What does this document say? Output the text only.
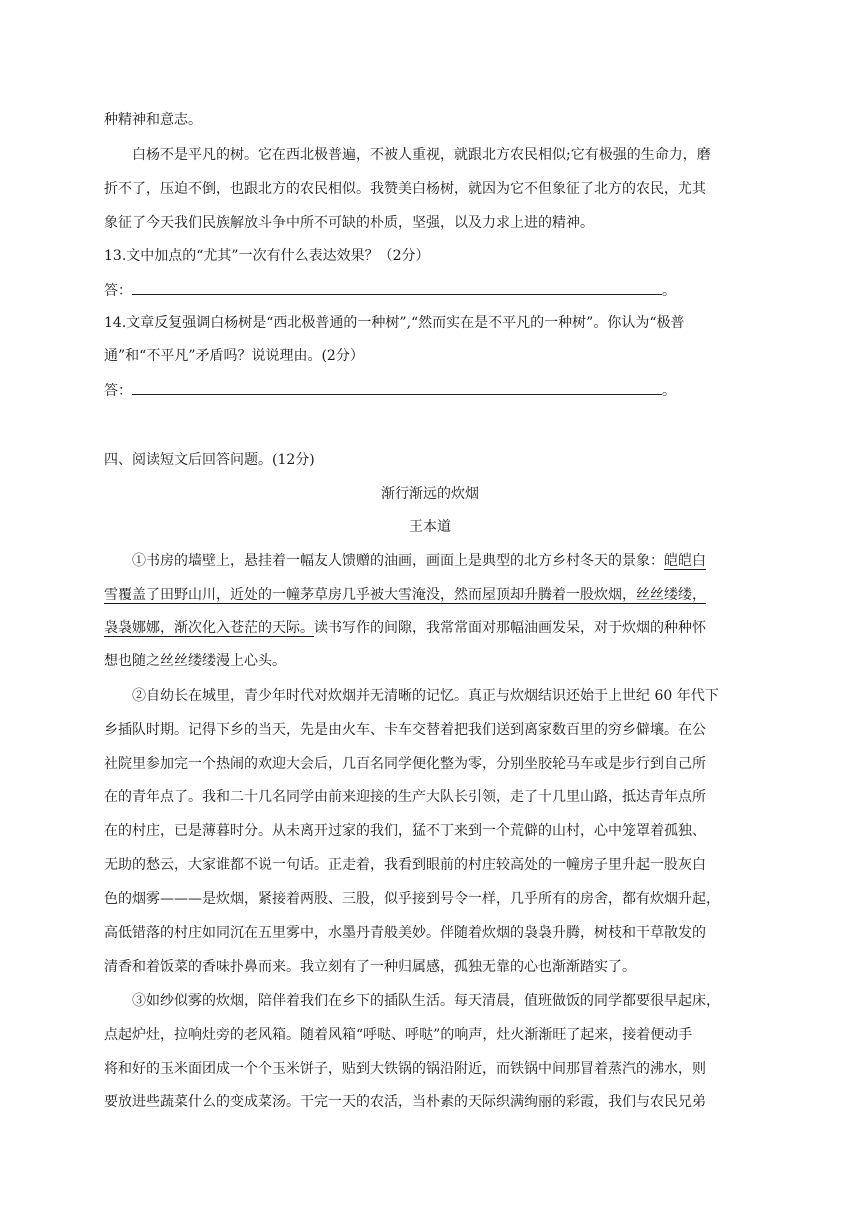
种精神和意志。
白杨不是平凡的树。它在西北极普遍，不被人重视，就跟北方农民相似;它有极强的生命力，磨
折不了，压迫不倒，也跟北方的农民相似。我赞美白杨树，就因为它不但象征了北方的农民，尤其
象征了今天我们民族解放斗争中所不可缺的朴质，坚强，以及力求上进的精神。
13.文中加点的“尤其”一次有什么表达效果？（2分）
答：	。
14.文章反复强调白杨树是“西北极普通的一种树”,“然而实在是不平凡的一种树”。你认为“极普
通”和“不平凡”矛盾吗？说说理由。(2分）
答：	。
四、阅读短文后回答问题。(12分)
渐行渐远的炊烟
王本道
①书房的墙壁上，悬挂着一幅友人馈赠的油画，画面上是典型的北方乡村冬天的景象：皑皑白
雪覆盖了田野山川，近处的一幢茅草房几乎被大雪淹没，然而屋顶却升腾着一股炊烟，丝丝缕缕，
袅袅娜娜，渐次化入苍茫的天际。读书写作的间隙，我常常面对那幅油画发呆，对于炊烟的种种怀
想也随之丝丝缕缕漫上心头。
②自幼长在城里，青少年时代对炊烟并无清晰的记忆。真正与炊烟结识还始于上世纪 60 年代下
乡插队时期。记得下乡的当天，先是由火车、卡车交替着把我们送到离家数百里的穷乡僻壤。在公
社院里参加完一个热闹的欢迎大会后，几百名同学便化整为零，分别坐胶轮马车或是步行到自己所
在的青年点了。我和二十几名同学由前来迎接的生产大队长引领，走了十几里山路，抵达青年点所
在的村庄，已是薄暮时分。从未离开过家的我们，猛不丁来到一个荒僻的山村，心中笼罩着孤独、
无助的愁云，大家谁都不说一句话。正走着，我看到眼前的村庄较高处的一幢房子里升起一股灰白
色的烟雾———是炊烟，紧接着两股、三股，似乎接到号令一样，几乎所有的房舍，都有炊烟升起，
高低错落的村庄如同沉在五里雾中，水墨丹青般美妙。伴随着炊烟的袅袅升腾，树枝和干草散发的
清香和着饭菜的香味扑鼻而来。我立刻有了一种归属感，孤独无靠的心也渐渐踏实了。
③如纱似雾的炊烟，陪伴着我们在乡下的插队生活。每天清晨，值班做饭的同学都要很早起床，
点起炉灶，拉响灶旁的老风箱。随着风箱“呼哒、呼哒”的响声，灶火渐渐旺了起来，接着便动手
将和好的玉米面团成一个个玉米饼子，贴到大铁锅的锅沿附近，而铁锅中间那冒着蒸汽的沸水，则
要放进些蔬菜什么的变成菜汤。干完一天的农活，当朴素的天际织满绚丽的彩霞，我们与农民兄弟
